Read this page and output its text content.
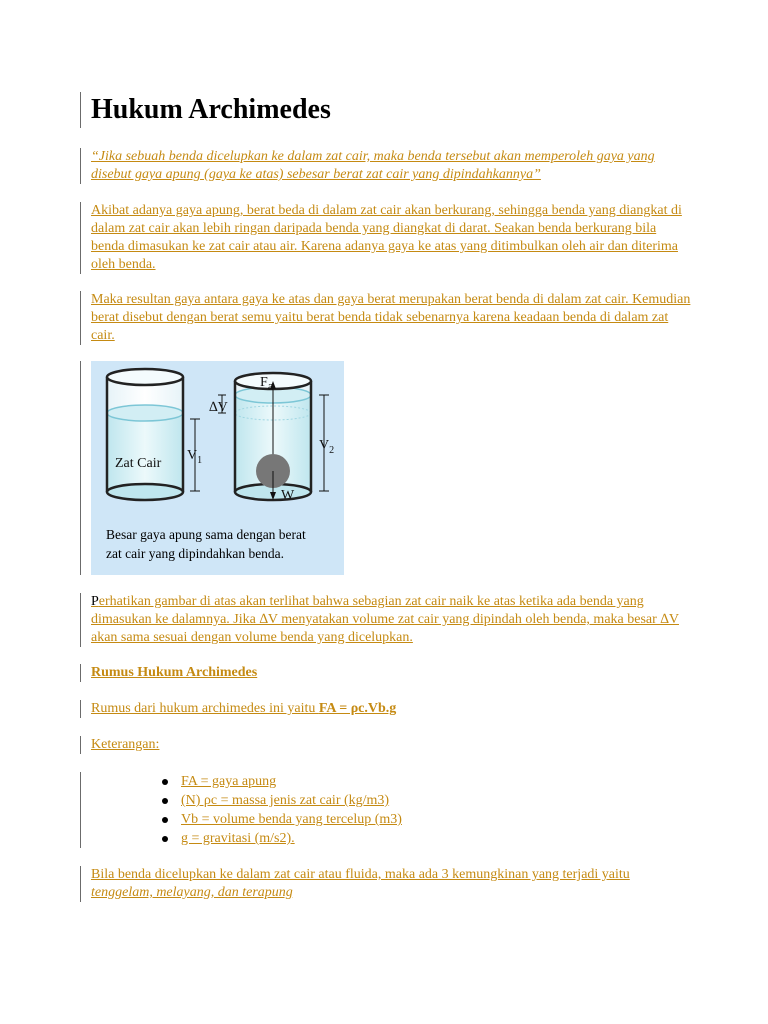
Hukum Archimedes
“Jika sebuah benda dicelupkan ke dalam zat cair, maka benda tersebut akan memperoleh gaya yang disebut gaya apung (gaya ke atas) sebesar berat zat cair yang dipindahkannya”
Akibat adanya gaya apung, berat beda di dalam zat cair akan berkurang, sehingga benda yang diangkat di dalam zat cair akan lebih ringan daripada benda yang diangkat di darat. Seakan benda berkurang bila benda dimasukan ke zat cair atau air. Karena adanya gaya ke atas yang ditimbulkan oleh air dan diterima oleh benda.
Maka resultan gaya antara gaya ke atas dan gaya berat merupakan berat benda di dalam zat cair. Kemudian berat disebut dengan berat semu yaitu berat benda tidak sebenarnya karena keadaan benda di dalam zat cair.
Zat Cair
$V_1$
∆V
Fa
$V_2$
W
Besar gaya apung sama dengan berat
zat cair yang dipindahkan benda.
Perhatikan gambar di atas akan terlihat bahwa sebagian zat cair naik ke atas ketika ada benda yang dimasukan ke dalamnya. Jika ∆V menyatakan volume zat cair yang dipindah oleh benda, maka besar ∆V akan sama sesuai dengan volume benda yang dicelupkan.
Rumus Hukum Archimedes
Rumus dari hukum archimedes ini yaitu FA = ρc.Vb.g
Keterangan:
FA = gaya apung
(N) ρc = massa jenis zat cair (kg/m3)
Vb = volume benda yang tercelup (m3)
g = gravitasi (m/s2).
Bila benda dicelupkan ke dalam zat cair atau fluida, maka ada 3 kemungkinan yang terjadi yaitu
tenggelam, melayang, dan terapung
